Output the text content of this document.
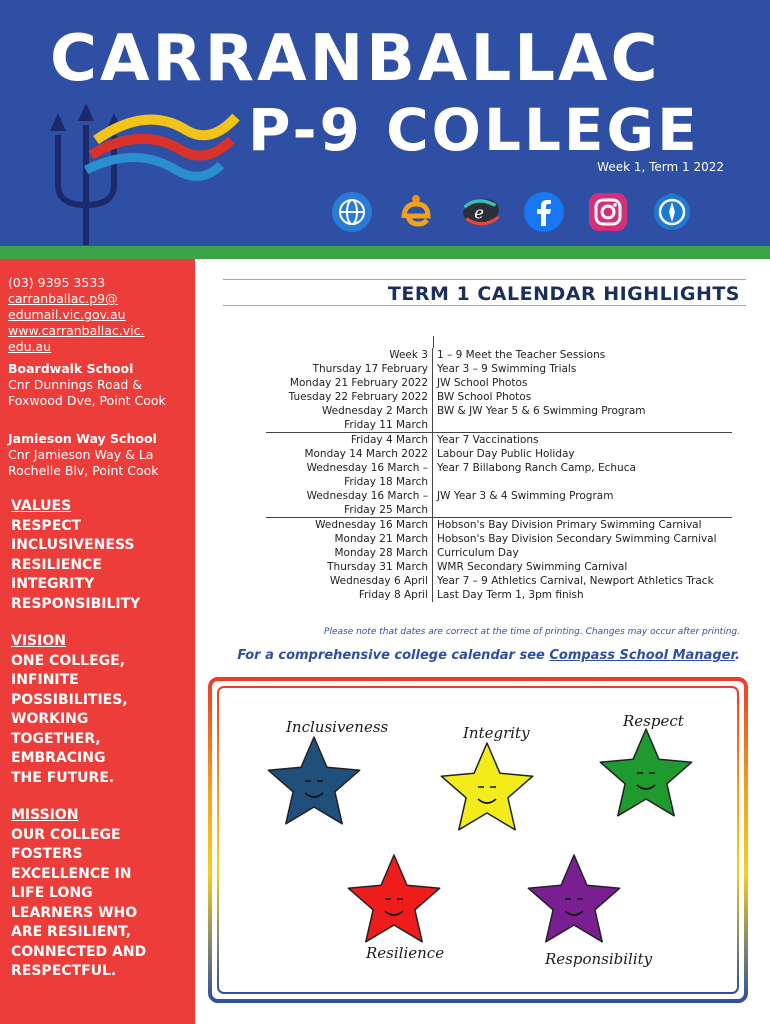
CARRANBALLAC
P-9 COLLEGE
Week 1, Term 1 2022
e
(03) 9395 3533
carranballac.p9@
edumail.vic.gov.au
www.carranballac.vic.
edu.au
Boardwalk School
Cnr Dunnings Road & Foxwood Dve, Point Cook
Jamieson Way School
Cnr Jamieson Way & La Rochelle Blv, Point Cook
VALUES
RESPECT
INCLUSIVENESS
RESILIENCE
INTEGRITY
RESPONSIBILITY
VISION
ONE COLLEGE, INFINITE POSSIBILITIES, WORKING TOGETHER, EMBRACING THE FUTURE.
MISSION
OUR COLLEGE FOSTERS EXCELLENCE IN LIFE LONG LEARNERS WHO ARE RESILIENT, CONNECTED AND RESPECTFUL.
TERM 1 CALENDAR HIGHLIGHTS
Week 3 1 – 9 Meet the Teacher Sessions
Thursday 17 February Year 3 – 9 Swimming Trials
Monday 21 February 2022 JW School Photos
Tuesday 22 February 2022 BW School Photos
Wednesday 2 March BW & JW Year 5 & 6 Swimming Program
Friday 11 March

Friday 4 March Year 7 Vaccinations
Monday 14 March 2022 Labour Day Public Holiday
Wednesday 16 March – Year 7 Billabong Ranch Camp, Echuca
Friday 18 March

Wednesday 16 March – JW Year 3 & 4 Swimming Program
Friday 25 March

Wednesday 16 March Hobson's Bay Division Primary Swimming Carnival
Monday 21 March Hobson's Bay Division Secondary Swimming Carnival
Monday 28 March Curriculum Day
Thursday 31 March WMR Secondary Swimming Carnival
Wednesday 6 April Year 7 – 9 Athletics Carnival, Newport Athletics Track
Friday 8 April Last Day Term 1, 3pm finish
Please note that dates are correct at the time of printing. Changes may occur after printing.
For a comprehensive college calendar see Compass School Manager.
Inclusiveness	Integrity
Respect
Resilience	Responsibility
